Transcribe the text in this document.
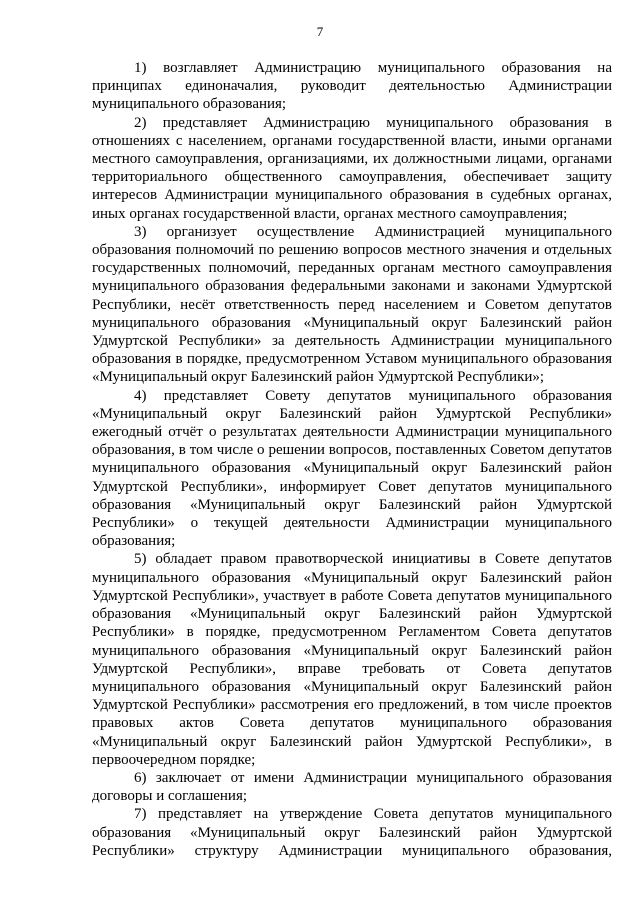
7

1) возглавляет Администрацию муниципального образования на принципах единоначалия, руководит деятельностью Администрации муниципального образования;

2) представляет Администрацию муниципального образования в отношениях с населением, органами государственной власти, иными органами местного самоуправления, организациями, их должностными лицами, органами территориального общественного самоуправления, обеспечивает защиту интересов Администрации муниципального образования в судебных органах, иных органах государственной власти, органах местного самоуправления;

3) организует осуществление Администрацией муниципального образования полномочий по решению вопросов местного значения и отдельных государственных полномочий, переданных органам местного самоуправления муниципального образования федеральными законами и законами Удмуртской Республики, несёт ответственность перед населением и Советом депутатов муниципального образования «Муниципальный округ Балезинский район Удмуртской Республики» за деятельность Администрации муниципального образования в порядке, предусмотренном Уставом муниципального образования «Муниципальный округ Балезинский район Удмуртской Республики»;

4) представляет Совету депутатов муниципального образования «Муниципальный округ Балезинский район Удмуртской Республики» ежегодный отчёт о результатах деятельности Администрации муниципального образования, в том числе о решении вопросов, поставленных Советом депутатов муниципального образования «Муниципальный округ Балезинский район Удмуртской Республики», информирует Совет депутатов муниципального образования «Муниципальный округ Балезинский район Удмуртской Республики» о текущей деятельности Администрации муниципального образования;

5) обладает правом правотворческой инициативы в Совете депутатов муниципального образования «Муниципальный округ Балезинский район Удмуртской Республики», участвует в работе Совета депутатов муниципального образования «Муниципальный округ Балезинский район Удмуртской Республики» в порядке, предусмотренном Регламентом Совета депутатов муниципального образования «Муниципальный округ Балезинский район Удмуртской Республики», вправе требовать от Совета депутатов муниципального образования «Муниципальный округ Балезинский район Удмуртской Республики» рассмотрения его предложений, в том числе проектов правовых актов Совета депутатов муниципального образования «Муниципальный округ Балезинский район Удмуртской Республики», в первоочередном порядке;

6) заключает от имени Администрации муниципального образования договоры и соглашения;

7) представляет на утверждение Совета депутатов муниципального образования «Муниципальный округ Балезинский район Удмуртской Республики» структуру Администрации муниципального образования,
